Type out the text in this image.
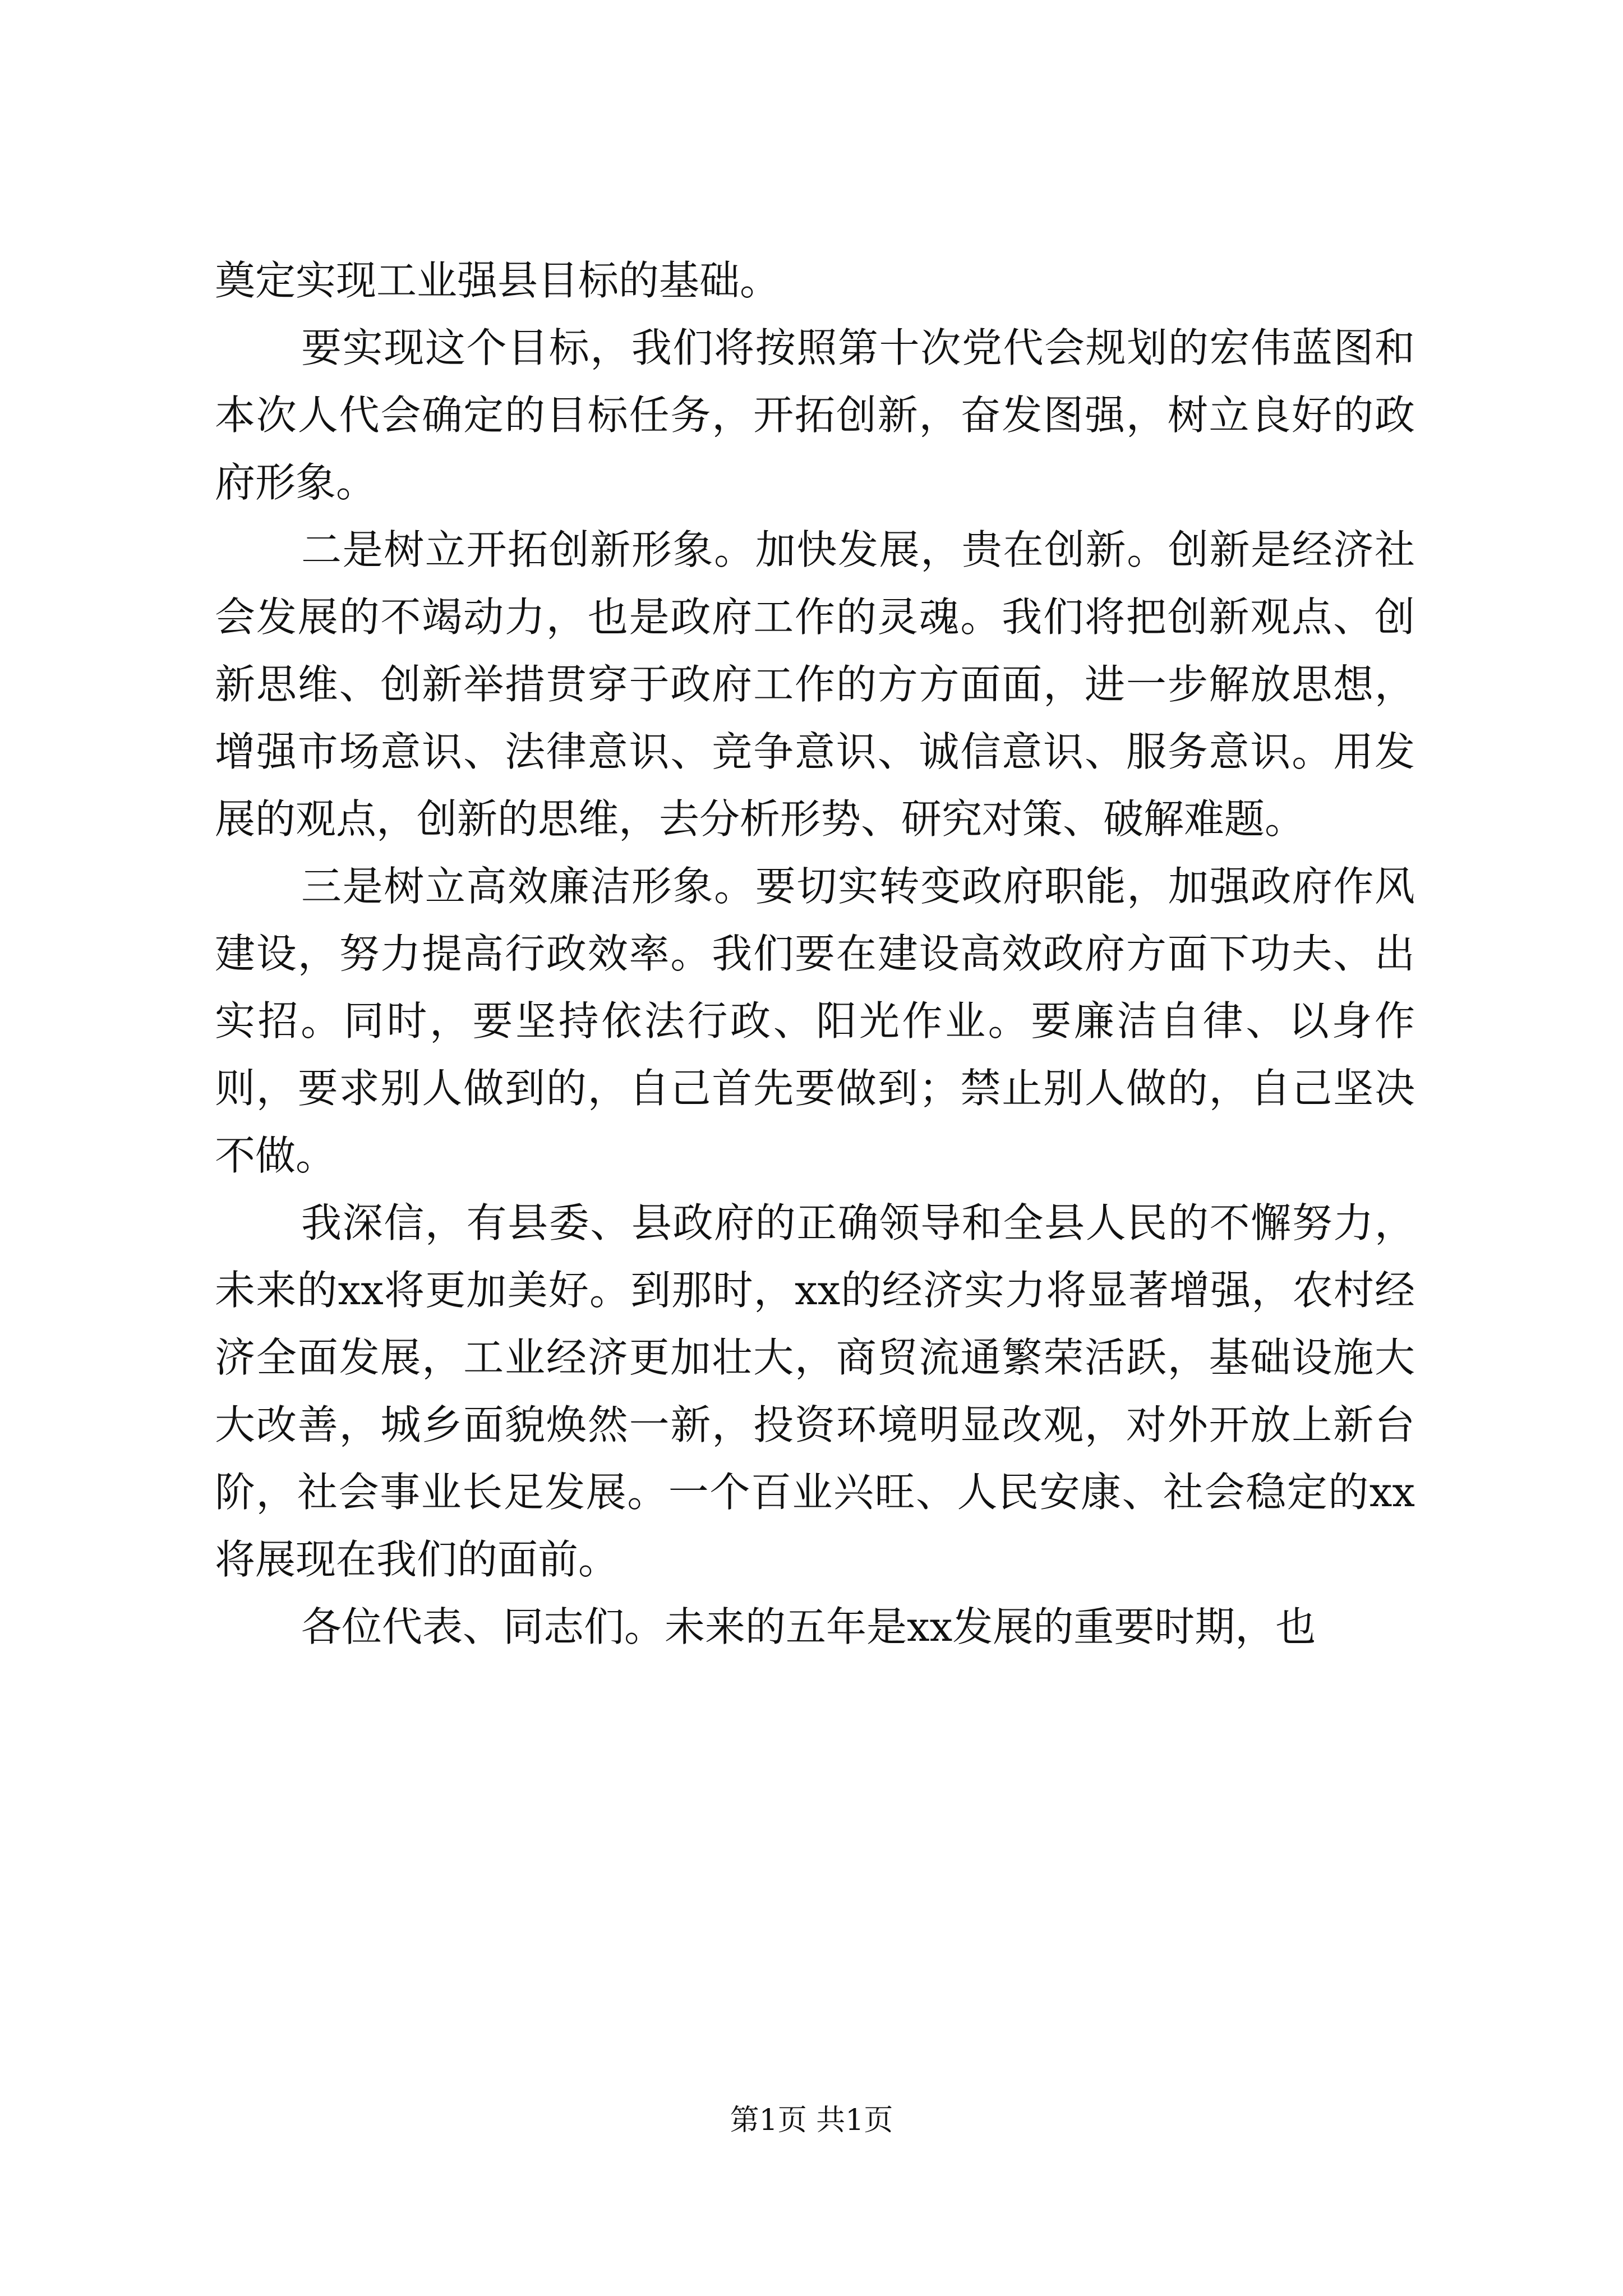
奠定实现工业强县目标的基础。

要实现这个目标，我们将按照第十次党代会规划的宏伟蓝图和本次人代会确定的目标任务，开拓创新，奋发图强，树立良好的政府形象。

二是树立开拓创新形象。加快发展，贵在创新。创新是经济社会发展的不竭动力，也是政府工作的灵魂。我们将把创新观点、创新思维、创新举措贯穿于政府工作的方方面面，进一步解放思想，增强市场意识、法律意识、竞争意识、诚信意识、服务意识。用发展的观点，创新的思维，去分析形势、研究对策、破解难题。

三是树立高效廉洁形象。要切实转变政府职能，加强政府作风建设，努力提高行政效率。我们要在建设高效政府方面下功夫、出实招。同时，要坚持依法行政、阳光作业。要廉洁自律、以身作则，要求别人做到的，自己首先要做到；禁止别人做的，自己坚决不做。

我深信，有县委、县政府的正确领导和全县人民的不懈努力，未来的xx将更加美好。到那时，xx的经济实力将显著增强，农村经济全面发展，工业经济更加壮大，商贸流通繁荣活跃，基础设施大大改善，城乡面貌焕然一新，投资环境明显改观，对外开放上新台阶，社会事业长足发展。一个百业兴旺、人民安康、社会稳定的xx将展现在我们的面前。

各位代表、同志们。未来的五年是xx发展的重要时期，也

第1页 共1页
